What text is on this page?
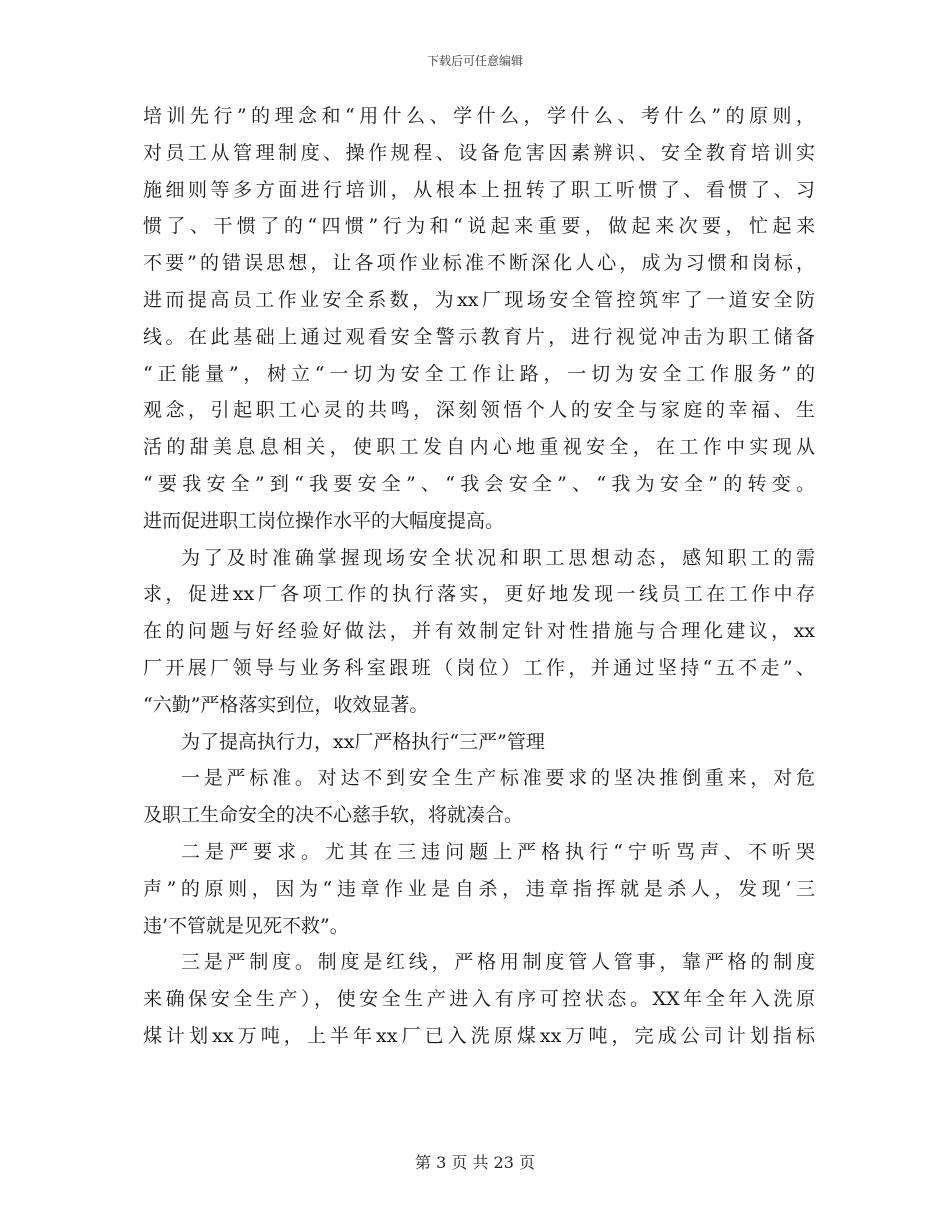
下载后可任意编辑
培训先行”的理念和“用什么、学什么，学什么、考什么”的原则，
对员工从管理制度、操作规程、设备危害因素辨识、安全教育培训实
施细则等多方面进行培训，从根本上扭转了职工听惯了、看惯了、习
惯了、干惯了的“四惯”行为和“说起来重要，做起来次要，忙起来
不要”的错误思想，让各项作业标准不断深化人心，成为习惯和岗标，
进而提高员工作业安全系数，为xx厂现场安全管控筑牢了一道安全防
线。在此基础上通过观看安全警示教育片，进行视觉冲击为职工储备
“正能量”，树立“一切为安全工作让路，一切为安全工作服务”的
观念，引起职工心灵的共鸣，深刻领悟个人的安全与家庭的幸福、生
活的甜美息息相关，使职工发自内心地重视安全，在工作中实现从
“要我安全”到“我要安全”、“我会安全”、“我为安全”的转变。
进而促进职工岗位操作水平的大幅度提高。
为了及时准确掌握现场安全状况和职工思想动态，感知职工的需
求，促进xx厂各项工作的执行落实，更好地发现一线员工在工作中存
在的问题与好经验好做法，并有效制定针对性措施与合理化建议，xx
厂开展厂领导与业务科室跟班（岗位）工作，并通过坚持“五不走”、
“六勤”严格落实到位，收效显著。
为了提高执行力，xx厂严格执行“三严”管理
一是严标准。对达不到安全生产标准要求的坚决推倒重来，对危
及职工生命安全的决不心慈手软，将就凑合。
二是严要求。尤其在三违问题上严格执行“宁听骂声、不听哭
声”的原则，因为“违章作业是自杀，违章指挥就是杀人，发现‘三
违’不管就是见死不救”。
三是严制度。制度是红线，严格用制度管人管事，靠严格的制度
来确保安全生产），使安全生产进入有序可控状态。XX年全年入洗原
煤计划xx万吨，上半年xx厂已入洗原煤xx万吨，完成公司计划指标
第 3 页 共 23 页
